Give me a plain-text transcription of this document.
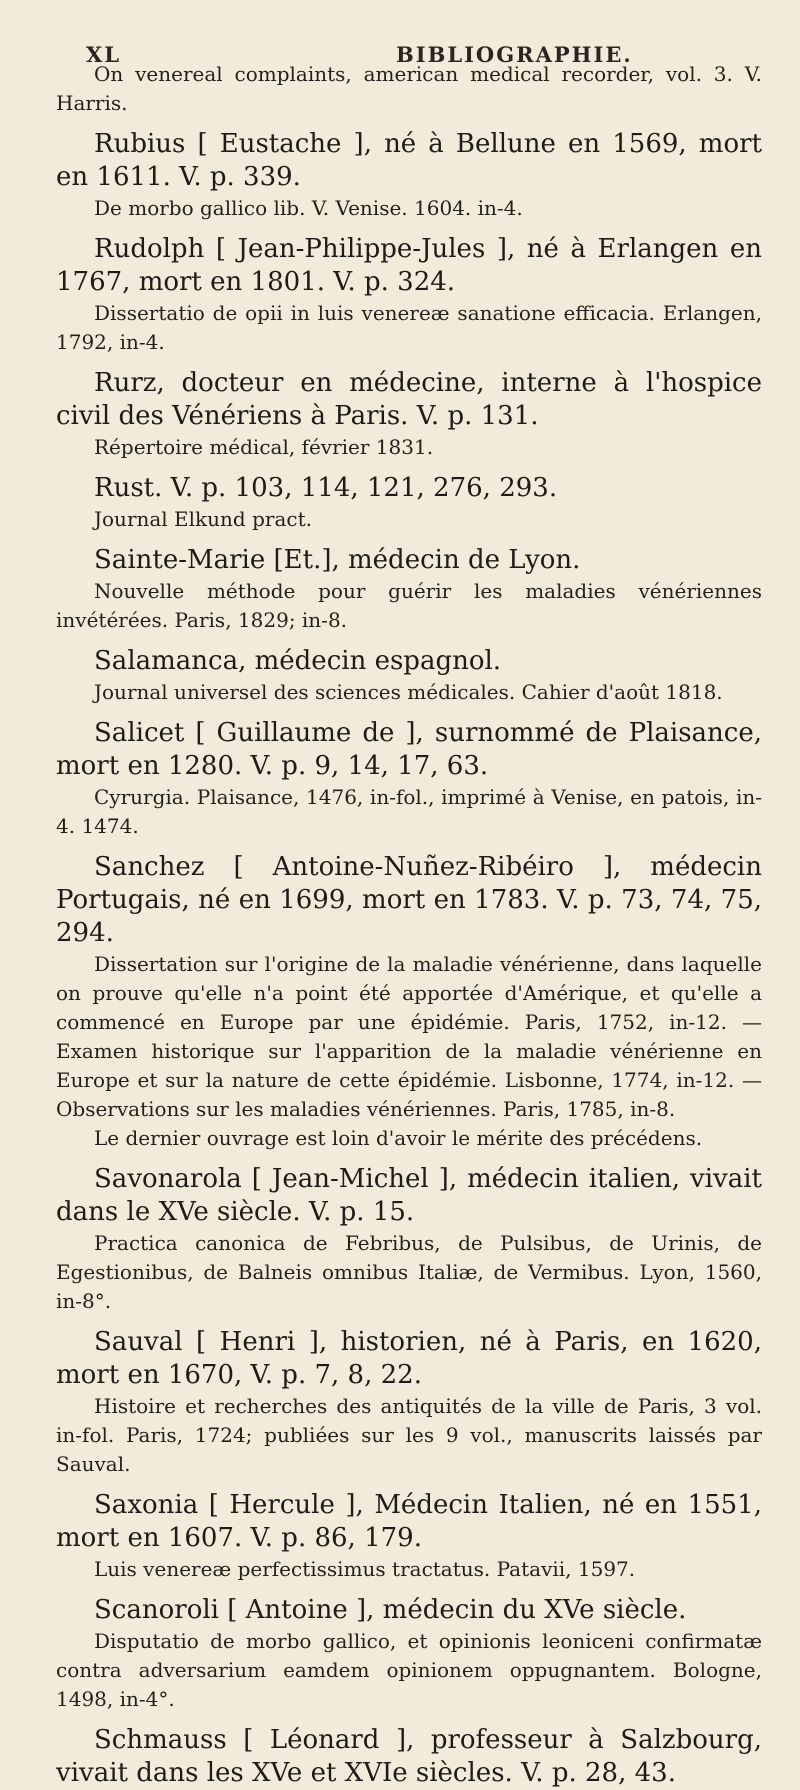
XL	BIBLIOGRAPHIE.
On venereal complaints, american medical recorder, vol. 3. V. Harris.
Rubius [ Eustache ], né à Bellune en 1569, mort en 1611. V. p. 339.
De morbo gallico lib. V. Venise. 1604. in-4.
Rudolph [ Jean-Philippe-Jules ], né à Erlangen en 1767, mort en 1801. V. p. 324.
Dissertatio de opii in luis venereæ sanatione efficacia. Erlangen, 1792, in-4.
Rurz, docteur en médecine, interne à l'hospice civil des Vénériens à Paris. V. p. 131.
Répertoire médical, février 1831.
Rust. V. p. 103, 114, 121, 276, 293.
Journal Elkund pract.
Sainte-Marie [Et.], médecin de Lyon.
Nouvelle méthode pour guérir les maladies vénériennes invétérées. Paris, 1829; in-8.
Salamanca, médecin espagnol.
Journal universel des sciences médicales. Cahier d'août 1818.
Salicet [ Guillaume de ], surnommé de Plaisance, mort en 1280. V. p. 9, 14, 17, 63.
Cyrurgia. Plaisance, 1476, in-fol., imprimé à Venise, en patois, in-4. 1474.
Sanchez [ Antoine-Nuñez-Ribéiro ], médecin Portugais, né en 1699, mort en 1783. V. p. 73, 74, 75, 294.
Dissertation sur l'origine de la maladie vénérienne, dans laquelle on prouve qu'elle n'a point été apportée d'Amérique, et qu'elle a commencé en Europe par une épidémie. Paris, 1752, in-12. — Examen historique sur l'apparition de la maladie vénérienne en Europe et sur la nature de cette épidémie. Lisbonne, 1774, in-12. — Observations sur les maladies vénériennes. Paris, 1785, in-8.
Le dernier ouvrage est loin d'avoir le mérite des précédens.
Savonarola [ Jean-Michel ], médecin italien, vivait dans le XVe siècle. V. p. 15.
Practica canonica de Febribus, de Pulsibus, de Urinis, de Egestionibus, de Balneis omnibus Italiæ, de Vermibus. Lyon, 1560, in-8°.
Sauval [ Henri ], historien, né à Paris, en 1620, mort en 1670, V. p. 7, 8, 22.
Histoire et recherches des antiquités de la ville de Paris, 3 vol. in-fol. Paris, 1724; publiées sur les 9 vol., manuscrits laissés par Sauval.
Saxonia [ Hercule ], Médecin Italien, né en 1551, mort en 1607. V. p. 86, 179.
Luis venereæ perfectissimus tractatus. Patavii, 1597.
Scanoroli [ Antoine ], médecin du XVe siècle.
Disputatio de morbo gallico, et opinionis leoniceni confirmatæ contra adversarium eamdem opinionem oppugnantem. Bologne, 1498, in-4°.
Schmauss [ Léonard ], professeur à Salzbourg, vivait dans les XVe et XVIe siècles. V. p. 28, 43.
